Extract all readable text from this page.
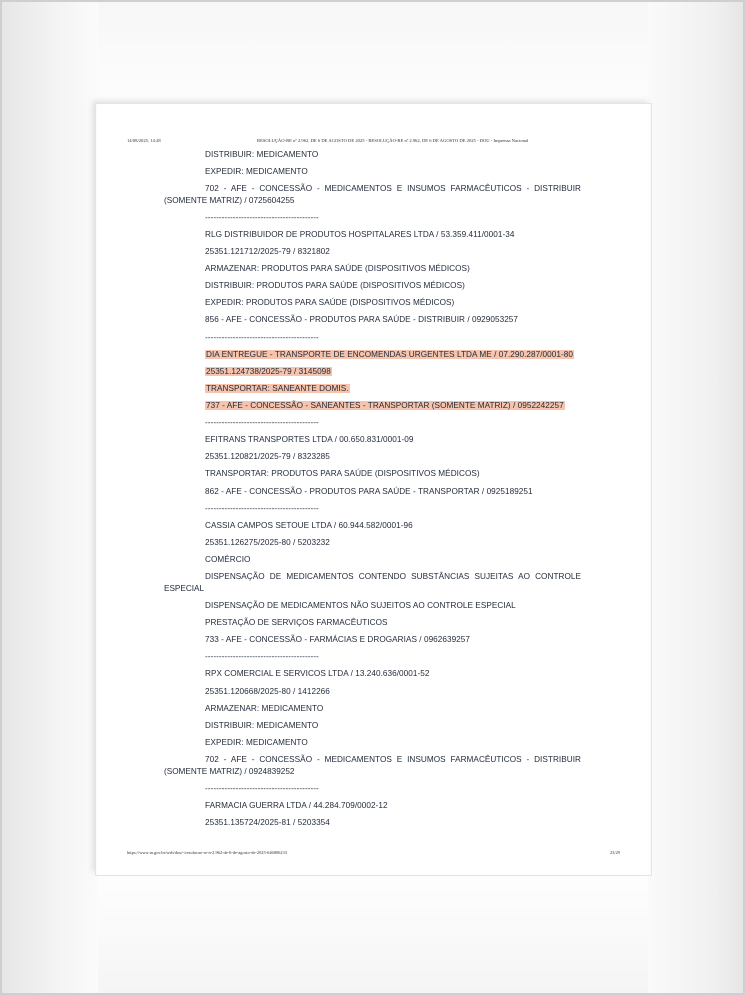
14/08/2025, 14:28	RESOLUÇÃO-RE nº 2.962, DE 6 DE AGOSTO DE 2025 - RESOLUÇÃO-RE nº 2.962, DE 6 DE AGOSTO DE 2025 - DOU - Imprensa Nacional
DISTRIBUIR: MEDICAMENTO
EXPEDIR: MEDICAMENTO
702 - AFE - CONCESSÃO - MEDICAMENTOS E INSUMOS FARMACÊUTICOS - DISTRIBUIR
(SOMENTE MATRIZ) / 0725604255
-----------------------------------------
RLG DISTRIBUIDOR DE PRODUTOS HOSPITALARES LTDA / 53.359.411/0001-34
25351.121712/2025-79 / 8321802
ARMAZENAR: PRODUTOS PARA SAÚDE (DISPOSITIVOS MÉDICOS)
DISTRIBUIR: PRODUTOS PARA SAÚDE (DISPOSITIVOS MÉDICOS)
EXPEDIR: PRODUTOS PARA SAÚDE (DISPOSITIVOS MÉDICOS)
856 - AFE - CONCESSÃO - PRODUTOS PARA SAÚDE - DISTRIBUIR / 0929053257
-----------------------------------------
DIA ENTREGUE - TRANSPORTE DE ENCOMENDAS URGENTES LTDA ME / 07.290.287/0001-80
25351.124738/2025-79 / 3145098
TRANSPORTAR: SANEANTE DOMIS.
737 - AFE - CONCESSÃO - SANEANTES - TRANSPORTAR (SOMENTE MATRIZ) / 0952242257
-----------------------------------------
EFITRANS TRANSPORTES LTDA / 00.650.831/0001-09
25351.120821/2025-79 / 8323285
TRANSPORTAR: PRODUTOS PARA SAÚDE (DISPOSITIVOS MÉDICOS)
862 - AFE - CONCESSÃO - PRODUTOS PARA SAÚDE - TRANSPORTAR / 0925189251
-----------------------------------------
CASSIA CAMPOS SETOUE LTDA / 60.944.582/0001-96
25351.126275/2025-80 / 5203232
COMÉRCIO
DISPENSAÇÃO DE MEDICAMENTOS CONTENDO SUBSTÂNCIAS SUJEITAS AO CONTROLE
ESPECIAL
DISPENSAÇÃO DE MEDICAMENTOS NÃO SUJEITOS AO CONTROLE ESPECIAL
PRESTAÇÃO DE SERVIÇOS FARMACÊUTICOS
733 - AFE - CONCESSÃO - FARMÁCIAS E DROGARIAS / 0962639257
-----------------------------------------
RPX COMERCIAL E SERVICOS LTDA / 13.240.636/0001-52
25351.120668/2025-80 / 1412266
ARMAZENAR: MEDICAMENTO
DISTRIBUIR: MEDICAMENTO
EXPEDIR: MEDICAMENTO
702 - AFE - CONCESSÃO - MEDICAMENTOS E INSUMOS FARMACÊUTICOS - DISTRIBUIR
(SOMENTE MATRIZ) / 0924839252
-----------------------------------------
FARMACIA GUERRA LTDA / 44.284.709/0002-12
25351.135724/2025-81 / 5203354
https://www.in.gov.br/web/dou/-/resolucao-re-n-2.962-de-6-de-agosto-de-2025-646806233	23/29
